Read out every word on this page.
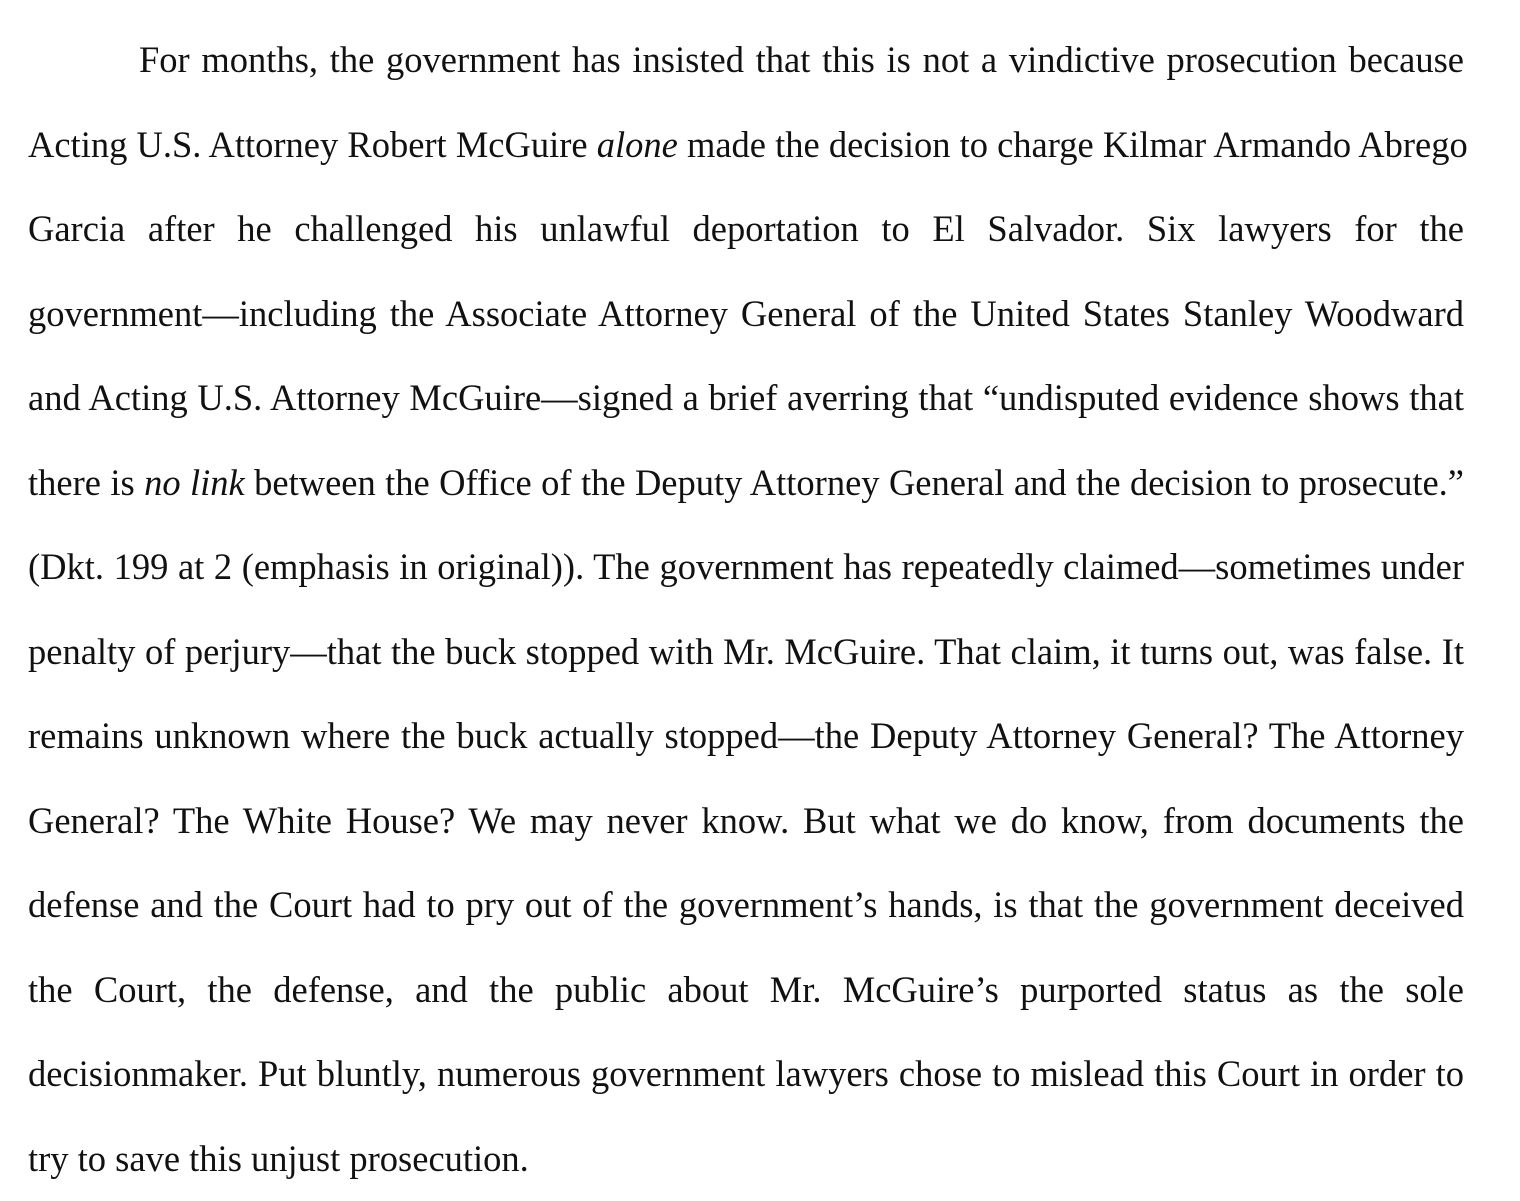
For months, the government has insisted that this is not a vindictive prosecution because
Acting U.S. Attorney Robert McGuire alone made the decision to charge Kilmar Armando Abrego
Garcia after he challenged his unlawful deportation to El Salvador. Six lawyers for the
government—including the Associate Attorney General of the United States Stanley Woodward
and Acting U.S. Attorney McGuire—signed a brief averring that “undisputed evidence shows that
there is no link between the Office of the Deputy Attorney General and the decision to prosecute.”
(Dkt. 199 at 2 (emphasis in original)). The government has repeatedly claimed—sometimes under
penalty of perjury—that the buck stopped with Mr. McGuire. That claim, it turns out, was false. It
remains unknown where the buck actually stopped—the Deputy Attorney General? The Attorney
General? The White House? We may never know. But what we do know, from documents the
defense and the Court had to pry out of the government’s hands, is that the government deceived
the Court, the defense, and the public about Mr. McGuire’s purported status as the sole
decisionmaker. Put bluntly, numerous government lawyers chose to mislead this Court in order to
try to save this unjust prosecution.
